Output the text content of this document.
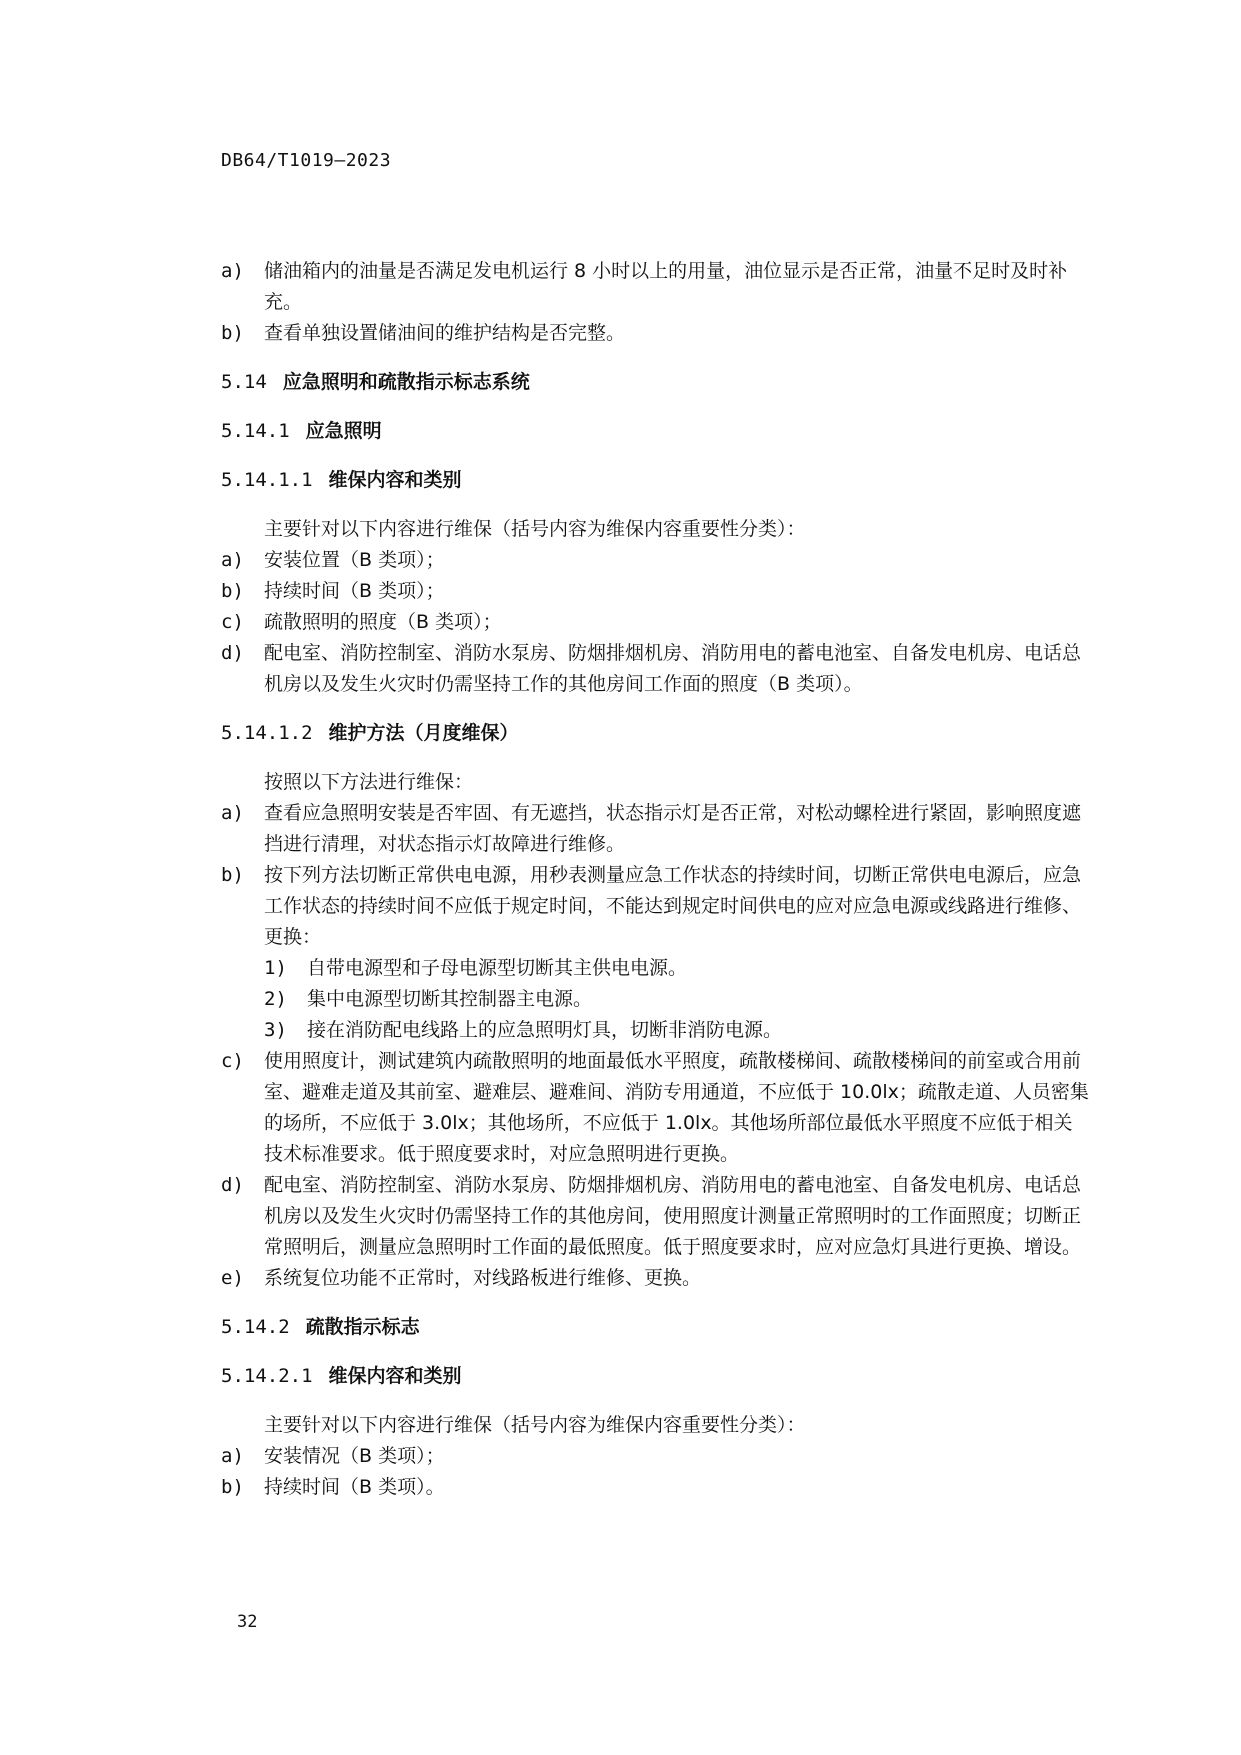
DB64/T1019—2023
a) 储油箱内的油量是否满足发电机运行 8 小时以上的用量，油位显示是否正常，油量不足时及时补充。
b) 查看单独设置储油间的维护结构是否完整。
5.14 应急照明和疏散指示标志系统
5.14.1 应急照明
5.14.1.1 维保内容和类别
主要针对以下内容进行维保（括号内容为维保内容重要性分类）：
a) 安装位置（B 类项）；
b) 持续时间（B 类项）；
c) 疏散照明的照度（B 类项）；
d) 配电室、消防控制室、消防水泵房、防烟排烟机房、消防用电的蓄电池室、自备发电机房、电话总机房以及发生火灾时仍需坚持工作的其他房间工作面的照度（B 类项）。
5.14.1.2 维护方法（月度维保）
按照以下方法进行维保：
a) 查看应急照明安装是否牢固、有无遮挡，状态指示灯是否正常，对松动螺栓进行紧固，影响照度遮挡进行清理，对状态指示灯故障进行维修。
b) 按下列方法切断正常供电电源，用秒表测量应急工作状态的持续时间，切断正常供电电源后，应急工作状态的持续时间不应低于规定时间，不能达到规定时间供电的应对应急电源或线路进行维修、更换：
1) 自带电源型和子母电源型切断其主供电电源。
2) 集中电源型切断其控制器主电源。
3) 接在消防配电线路上的应急照明灯具，切断非消防电源。
c) 使用照度计，测试建筑内疏散照明的地面最低水平照度，疏散楼梯间、疏散楼梯间的前室或合用前室、避难走道及其前室、避难层、避难间、消防专用通道，不应低于 10.0lx；疏散走道、人员密集的场所，不应低于 3.0lx；其他场所，不应低于 1.0lx。其他场所部位最低水平照度不应低于相关技术标准要求。低于照度要求时，对应急照明进行更换。
d) 配电室、消防控制室、消防水泵房、防烟排烟机房、消防用电的蓄电池室、自备发电机房、电话总机房以及发生火灾时仍需坚持工作的其他房间，使用照度计测量正常照明时的工作面照度；切断正常照明后，测量应急照明时工作面的最低照度。低于照度要求时，应对应急灯具进行更换、增设。
e) 系统复位功能不正常时，对线路板进行维修、更换。
5.14.2 疏散指示标志
5.14.2.1 维保内容和类别
主要针对以下内容进行维保（括号内容为维保内容重要性分类）：
a) 安装情况（B 类项）；
b) 持续时间（B 类项）。
32
